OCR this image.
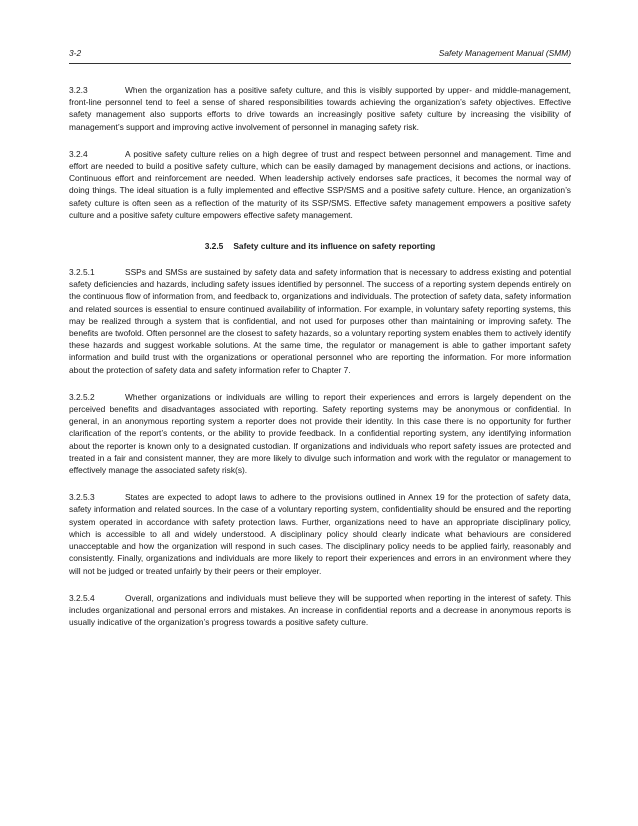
3-2	Safety Management Manual (SMM)

3.2.3	When the organization has a positive safety culture, and this is visibly supported by upper- and middle-management, front-line personnel tend to feel a sense of shared responsibilities towards achieving the organization’s safety objectives. Effective safety management also supports efforts to drive towards an increasingly positive safety culture by increasing the visibility of management’s support and improving active involvement of personnel in managing safety risk.

3.2.4	A positive safety culture relies on a high degree of trust and respect between personnel and management. Time and effort are needed to build a positive safety culture, which can be easily damaged by management decisions and actions, or inactions. Continuous effort and reinforcement are needed. When leadership actively endorses safe practices, it becomes the normal way of doing things. The ideal situation is a fully implemented and effective SSP/SMS and a positive safety culture. Hence, an organization’s safety culture is often seen as a reflection of the maturity of its SSP/SMS. Effective safety management empowers a positive safety culture and a positive safety culture empowers effective safety management.

3.2.5 Safety culture and its influence on safety reporting

3.2.5.1	SSPs and SMSs are sustained by safety data and safety information that is necessary to address existing and potential safety deficiencies and hazards, including safety issues identified by personnel. The success of a reporting system depends entirely on the continuous flow of information from, and feedback to, organizations and individuals. The protection of safety data, safety information and related sources is essential to ensure continued availability of information. For example, in voluntary safety reporting systems, this may be realized through a system that is confidential, and not used for purposes other than maintaining or improving safety. The benefits are twofold. Often personnel are the closest to safety hazards, so a voluntary reporting system enables them to actively identify these hazards and suggest workable solutions. At the same time, the regulator or management is able to gather important safety information and build trust with the organizations or operational personnel who are reporting the information. For more information about the protection of safety data and safety information refer to Chapter 7.

3.2.5.2	Whether organizations or individuals are willing to report their experiences and errors is largely dependent on the perceived benefits and disadvantages associated with reporting. Safety reporting systems may be anonymous or confidential. In general, in an anonymous reporting system a reporter does not provide their identity. In this case there is no opportunity for further clarification of the report’s contents, or the ability to provide feedback. In a confidential reporting system, any identifying information about the reporter is known only to a designated custodian. If organizations and individuals who report safety issues are protected and treated in a fair and consistent manner, they are more likely to divulge such information and work with the regulator or management to effectively manage the associated safety risk(s).

3.2.5.3	States are expected to adopt laws to adhere to the provisions outlined in Annex 19 for the protection of safety data, safety information and related sources. In the case of a voluntary reporting system, confidentiality should be ensured and the reporting system operated in accordance with safety protection laws. Further, organizations need to have an appropriate disciplinary policy, which is accessible to all and widely understood. A disciplinary policy should clearly indicate what behaviours are considered unacceptable and how the organization will respond in such cases. The disciplinary policy needs to be applied fairly, reasonably and consistently. Finally, organizations and individuals are more likely to report their experiences and errors in an environment where they will not be judged or treated unfairly by their peers or their employer.

3.2.5.4	Overall, organizations and individuals must believe they will be supported when reporting in the interest of safety. This includes organizational and personal errors and mistakes. An increase in confidential reports and a decrease in anonymous reports is usually indicative of the organization’s progress towards a positive safety culture.
